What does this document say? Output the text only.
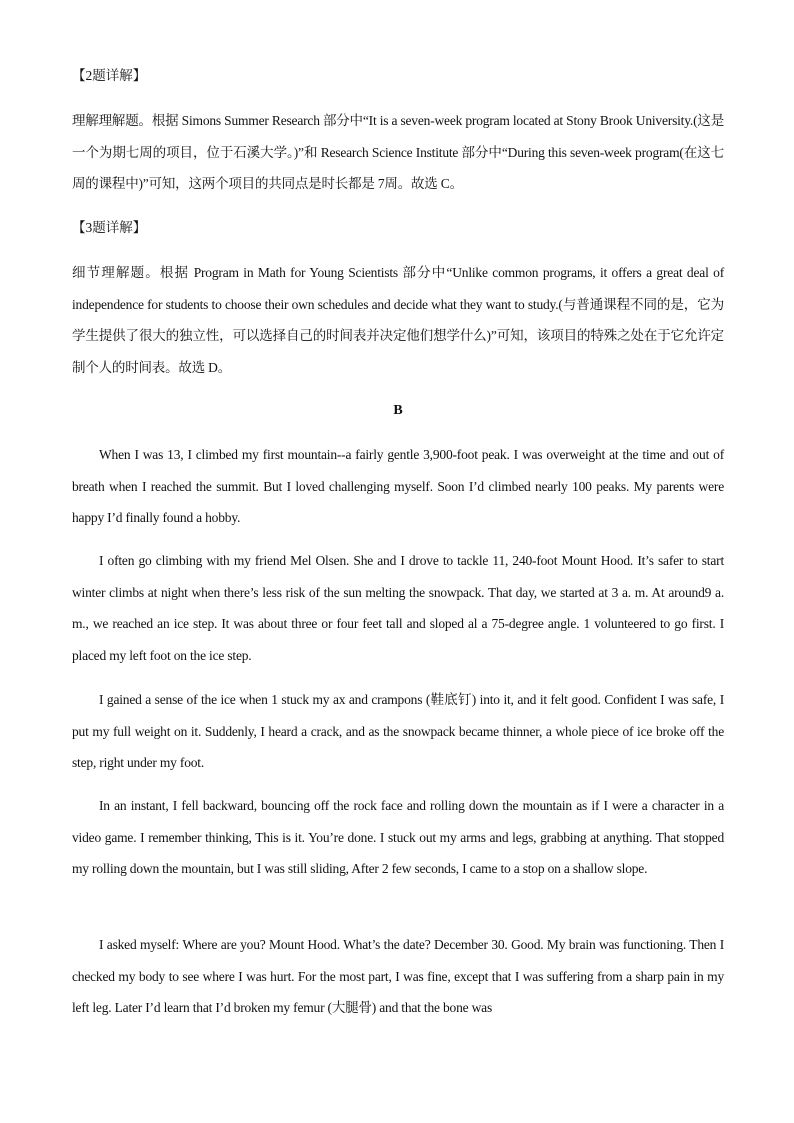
【2题详解】
理解理解题。根据 Simons Summer Research 部分中“It is a seven-week program located at Stony Brook University.(这是一个为期七周的项目，位于石溪大学。)”和 Research Science Institute 部分中“During this seven-week program(在这七周的课程中)”可知，这两个项目的共同点是时长都是 7周。故选 C。
【3题详解】
细节理解题。根据 Program in Math for Young Scientists 部分中“Unlike common programs, it offers a great deal of independence for students to choose their own schedules and decide what they want to study.(与普通课程不同的是，它为学生提供了很大的独立性，可以选择自己的时间表并决定他们想学什么)”可知，该项目的特殊之处在于它允许定制个人的时间表。故选 D。
B
When I was 13, I climbed my first mountain--a fairly gentle 3,900-foot peak. I was overweight at the time and out of breath when I reached the summit. But I loved challenging myself. Soon I’d climbed nearly 100 peaks. My parents were happy I’d finally found a hobby.
I often go climbing with my friend Mel Olsen. She and I drove to tackle 11, 240-foot Mount Hood. It’s safer to start winter climbs at night when there’s less risk of the sun melting the snowpack. That day, we started at 3 a. m. At around9 a. m., we reached an ice step. It was about three or four feet tall and sloped al a 75-degree angle. 1 volunteered to go first. I placed my left foot on the ice step.
I gained a sense of the ice when 1 stuck my ax and crampons (鞋底钉) into it, and it felt good. Confident I was safe, I put my full weight on it. Suddenly, I heard a crack, and as the snowpack became thinner, a whole piece of ice broke off the step, right under my foot.
In an instant, I fell backward, bouncing off the rock face and rolling down the mountain as if I were a character in a video game. I remember thinking, This is it. You’re done. I stuck out my arms and legs, grabbing at anything. That stopped my rolling down the mountain, but I was still sliding, After 2 few seconds, I came to a stop on a shallow slope.
I asked myself: Where are you? Mount Hood. What’s the date? December 30. Good. My brain was functioning. Then I checked my body to see where I was hurt. For the most part, I was fine, except that I was suffering from a sharp pain in my left leg. Later I’d learn that I’d broken my femur (大腿骨) and that the bone was
